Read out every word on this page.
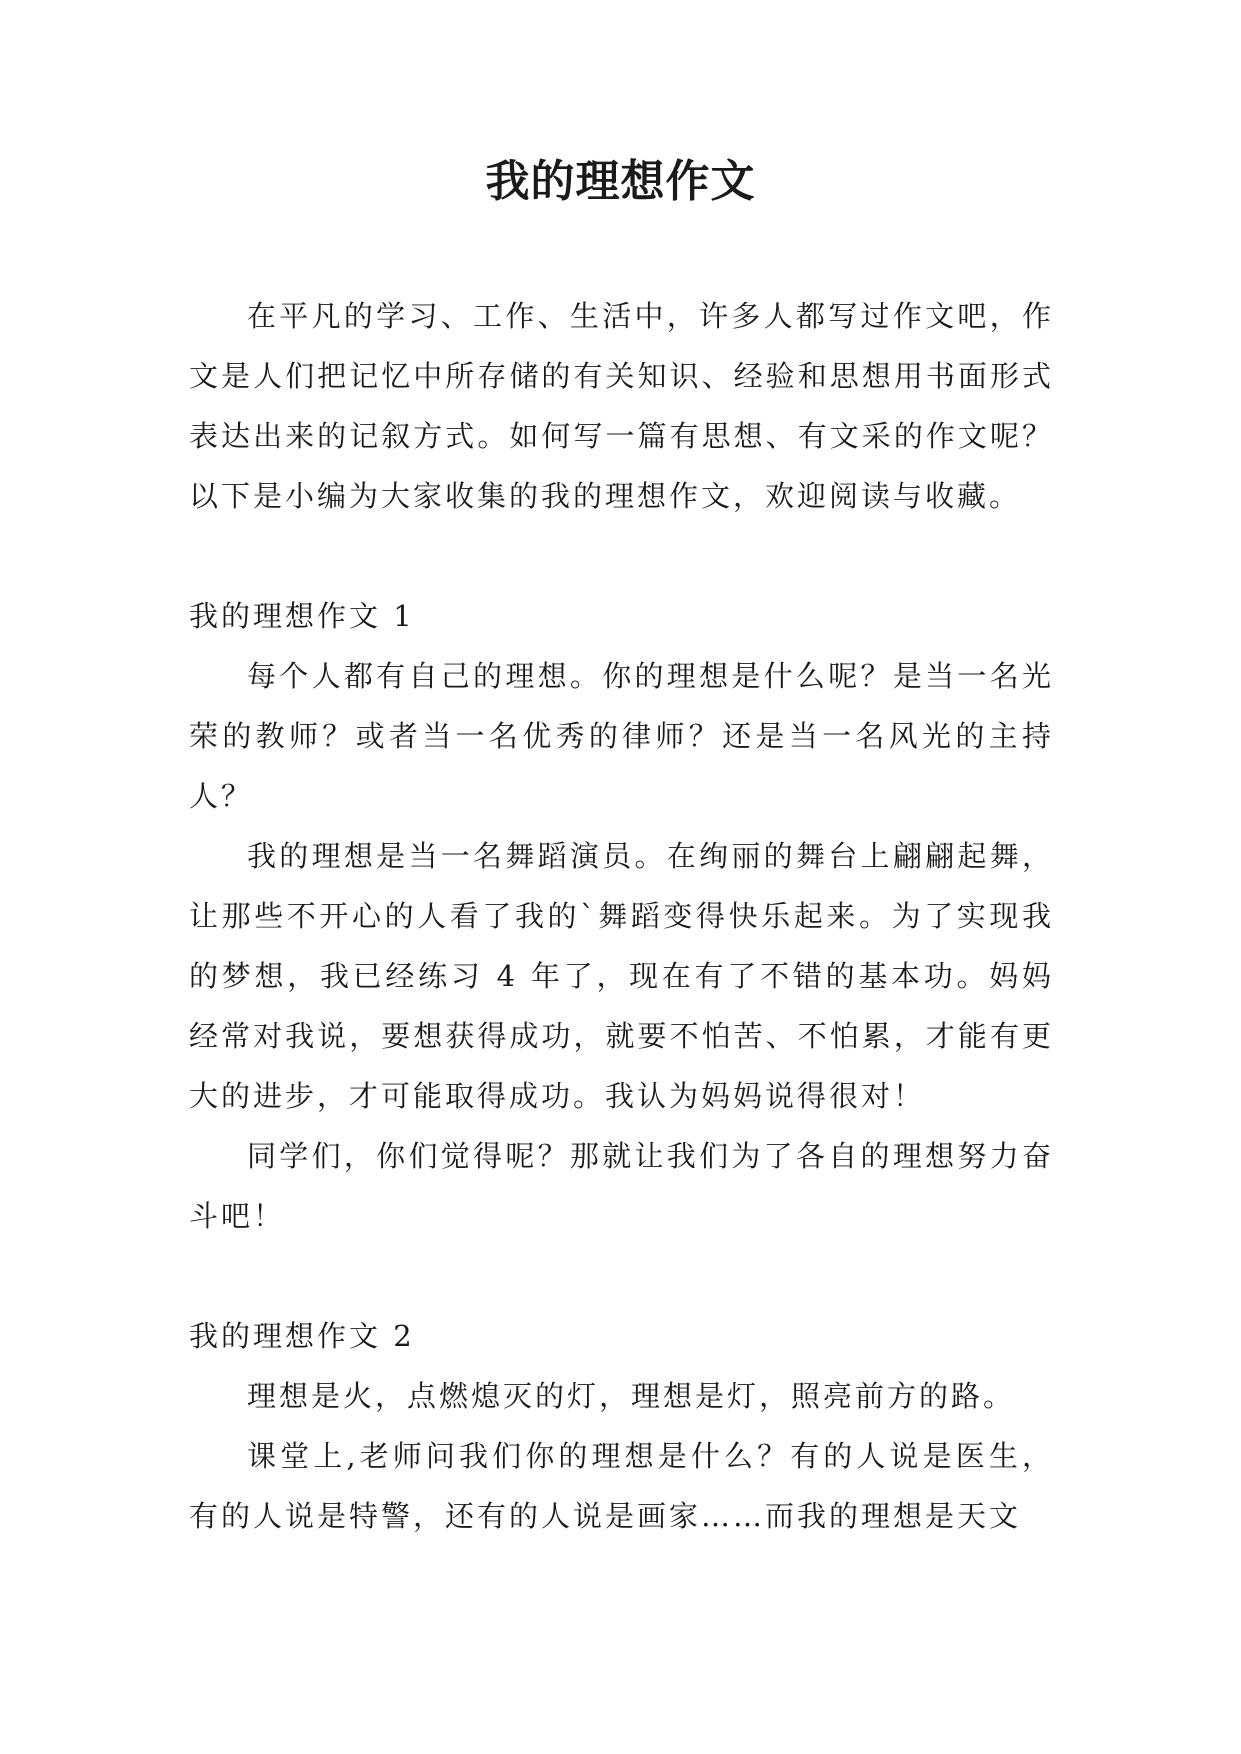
我的理想作文

在平凡的学习、工作、生活中，许多人都写过作文吧，作文是人们把记忆中所存储的有关知识、经验和思想用书面形式表达出来的记叙方式。如何写一篇有思想、有文采的作文呢？以下是小编为大家收集的我的理想作文，欢迎阅读与收藏。

我的理想作文 1

每个人都有自己的理想。你的理想是什么呢？是当一名光荣的教师？或者当一名优秀的律师？还是当一名风光的主持人？

我的理想是当一名舞蹈演员。在绚丽的舞台上翩翩起舞，让那些不开心的人看了我的`舞蹈变得快乐起来。为了实现我的梦想，我已经练习 4 年了，现在有了不错的基本功。妈妈经常对我说，要想获得成功，就要不怕苦、不怕累，才能有更大的进步，才可能取得成功。我认为妈妈说得很对！

同学们，你们觉得呢？那就让我们为了各自的理想努力奋斗吧！

我的理想作文 2

理想是火，点燃熄灭的灯，理想是灯，照亮前方的路。

课堂上,老师问我们你的理想是什么？有的人说是医生，有的人说是特警，还有的人说是画家……而我的理想是天文
